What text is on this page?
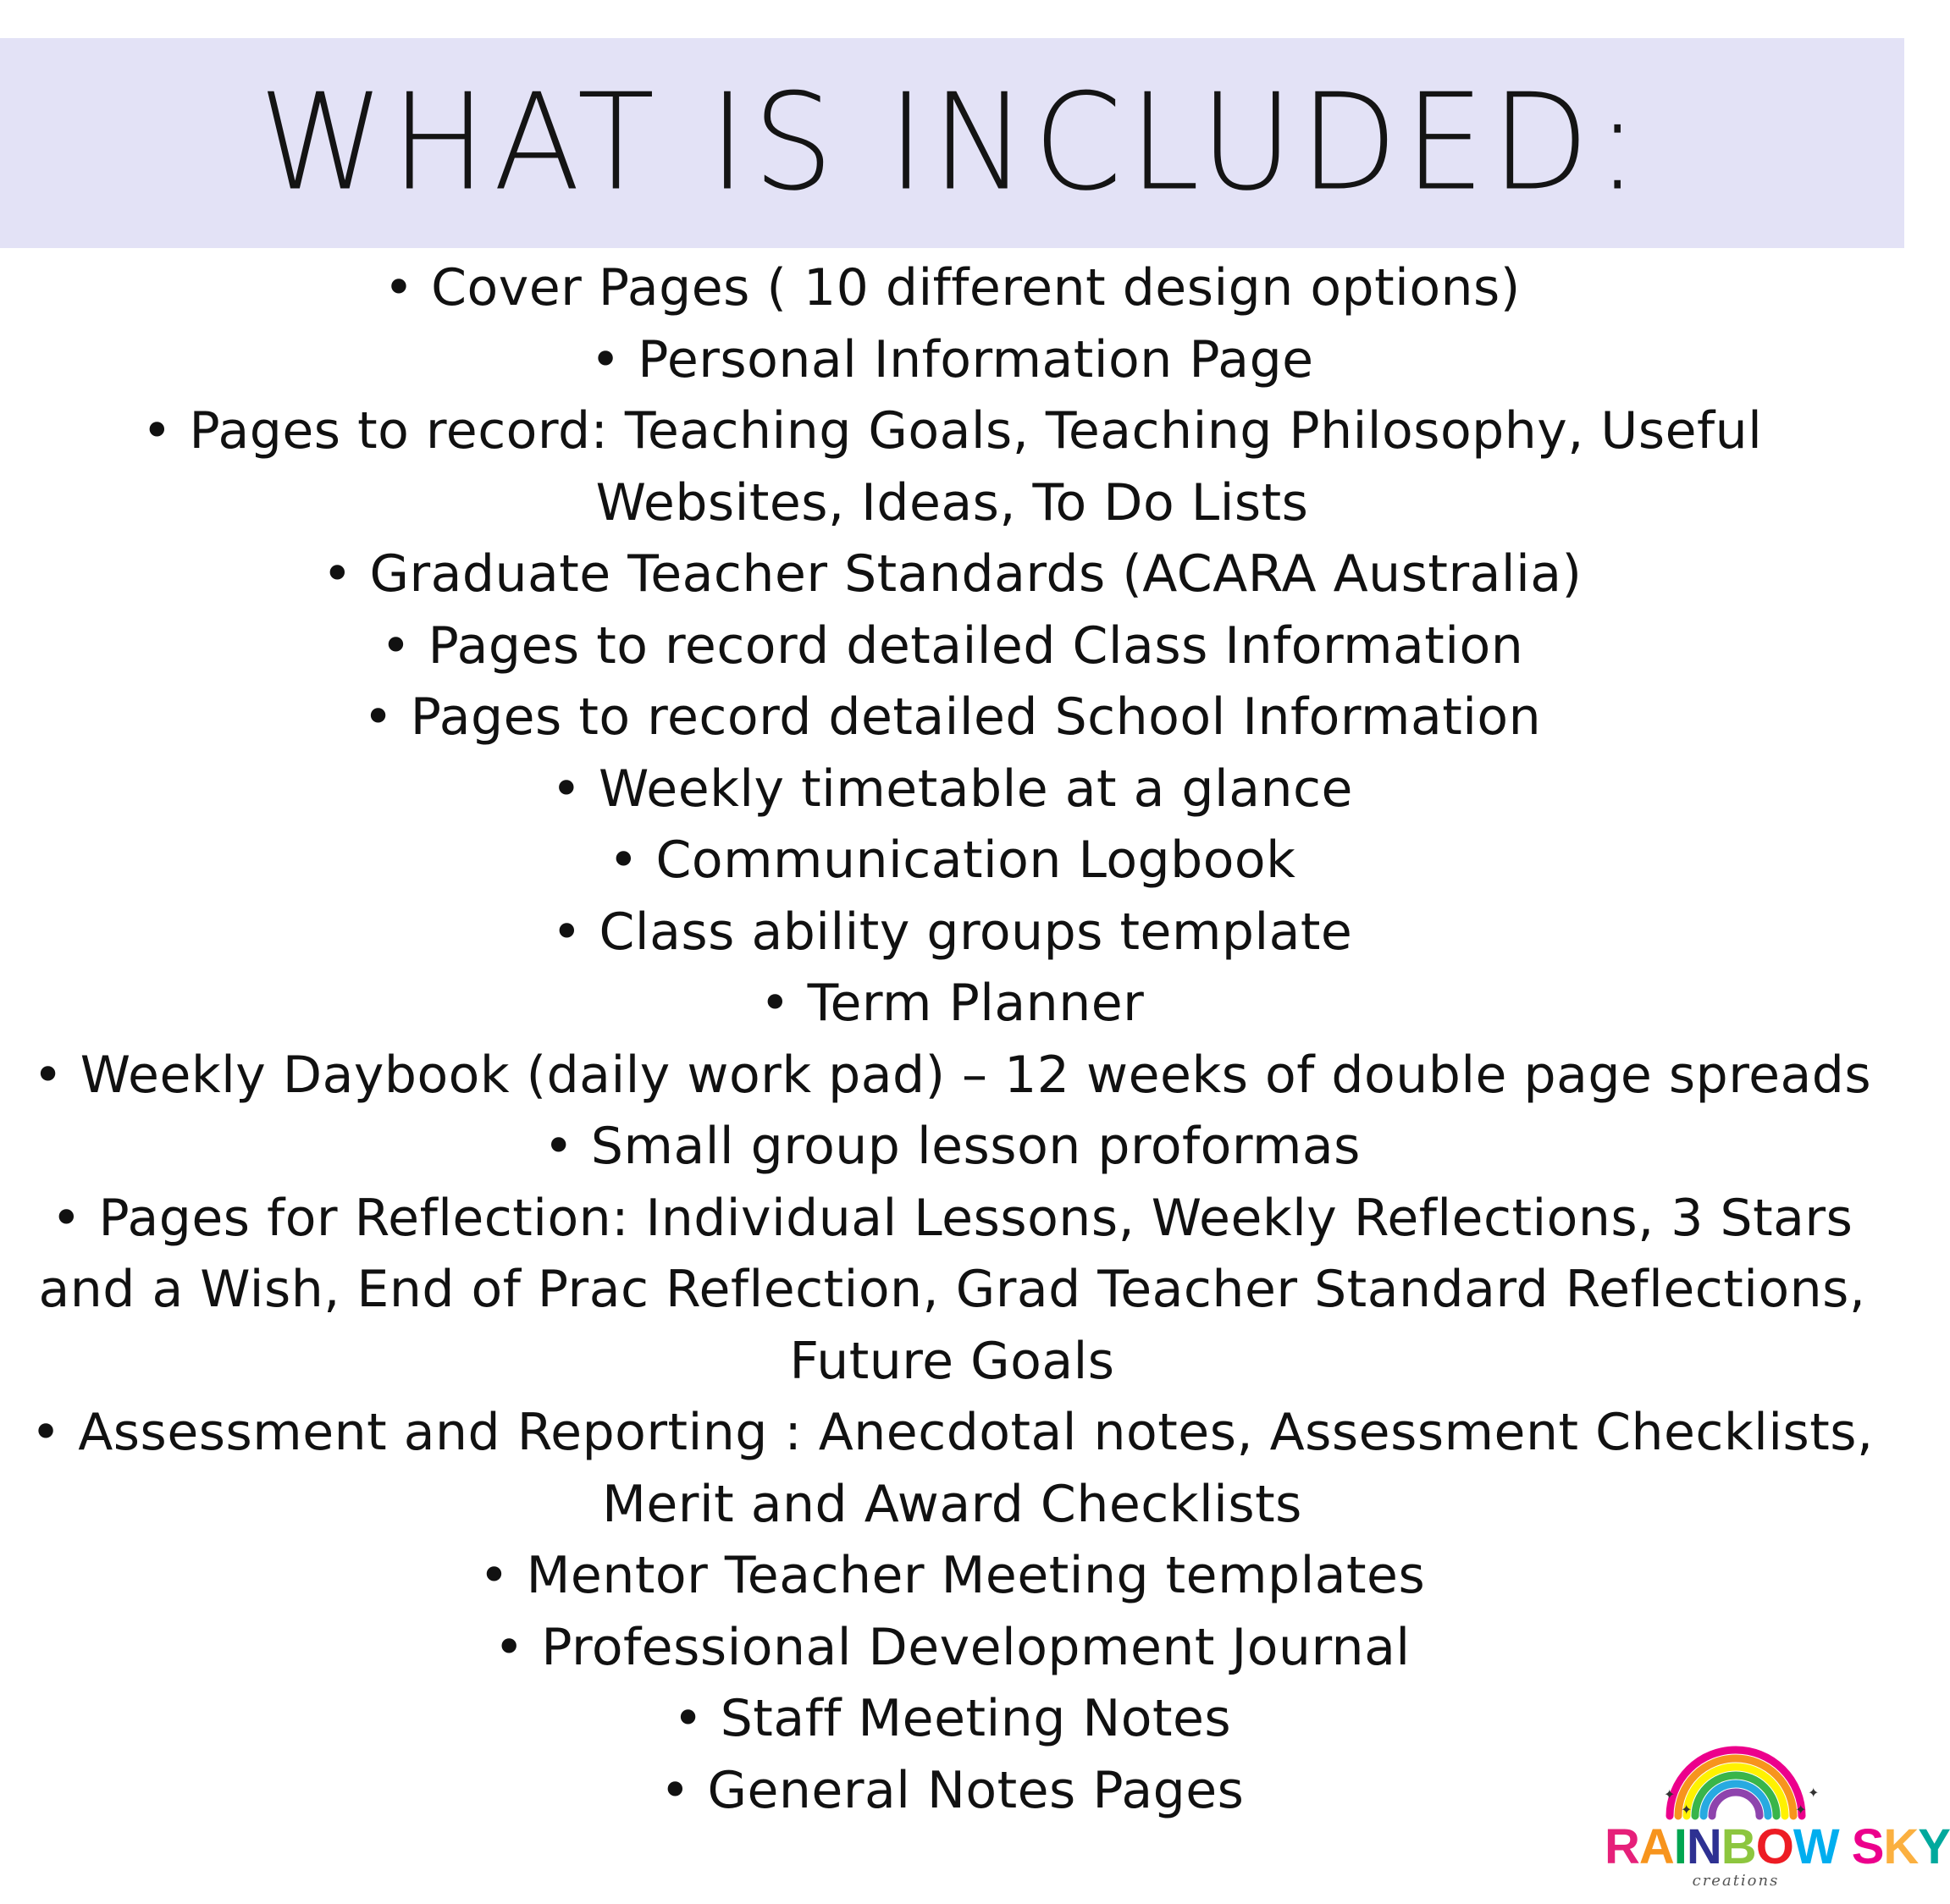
WHAT IS INCLUDED:
• Cover Pages ( 10 different design options)
• Personal Information Page
• Pages to record: Teaching Goals, Teaching Philosophy, Useful Websites, Ideas, To Do Lists
• Graduate Teacher Standards (ACARA Australia)
• Pages to record detailed Class Information
• Pages to record detailed School Information
• Weekly timetable at a glance
• Communication Logbook
• Class ability groups template
• Term Planner
• Weekly Daybook (daily work pad) – 12 weeks of double page spreads
• Small group lesson proformas
• Pages for Reflection: Individual Lessons, Weekly Reflections, 3 Stars and a Wish, End of Prac Reflection, Grad Teacher Standard Reflections, Future Goals
• Assessment and Reporting : Anecdotal notes, Assessment Checklists, Merit and Award Checklists
• Mentor Teacher Meeting templates
• Professional Development Journal
• Staff Meeting Notes
• General Notes Pages	✦	✦
✦	✦
RAINBOW SKY
creations
